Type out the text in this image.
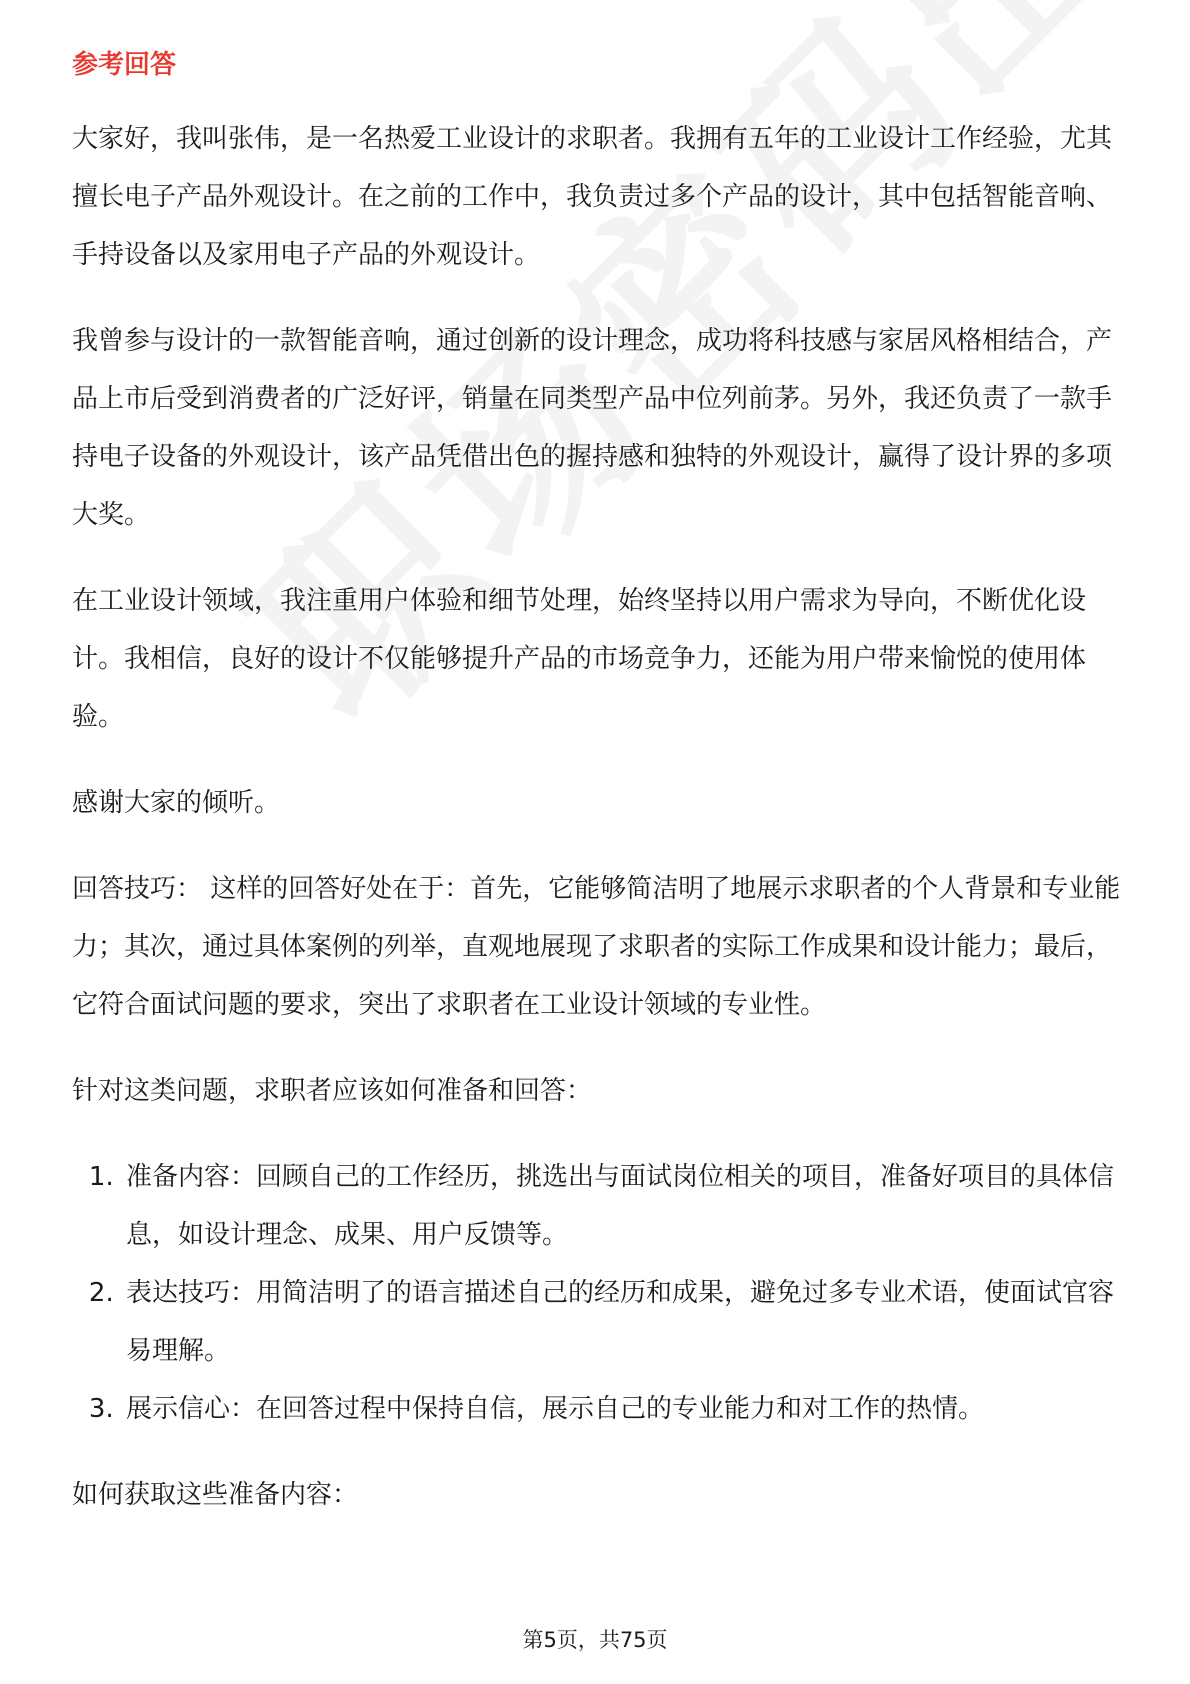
参考回答

大家好，我叫张伟，是一名热爱工业设计的求职者。我拥有五年的工业设计工作经验，尤其擅长电子产品外观设计。在之前的工作中，我负责过多个产品的设计，其中包括智能音响、手持设备以及家用电子产品的外观设计。

我曾参与设计的一款智能音响，通过创新的设计理念，成功将科技感与家居风格相结合，产品上市后受到消费者的广泛好评，销量在同类型产品中位列前茅。另外，我还负责了一款手持电子设备的外观设计，该产品凭借出色的握持感和独特的外观设计，赢得了设计界的多项大奖。

在工业设计领域，我注重用户体验和细节处理，始终坚持以用户需求为导向，不断优化设计。我相信，良好的设计不仅能够提升产品的市场竞争力，还能为用户带来愉悦的使用体验。

感谢大家的倾听。

回答技巧： 这样的回答好处在于：首先，它能够简洁明了地展示求职者的个人背景和专业能力；其次，通过具体案例的列举，直观地展现了求职者的实际工作成果和设计能力；最后，它符合面试问题的要求，突出了求职者在工业设计领域的专业性。

针对这类问题，求职者应该如何准备和回答：

1. 准备内容：回顾自己的工作经历，挑选出与面试岗位相关的项目，准备好项目的具体信息，如设计理念、成果、用户反馈等。
2. 表达技巧：用简洁明了的语言描述自己的经历和成果，避免过多专业术语，使面试官容易理解。
3. 展示信心：在回答过程中保持自信，展示自己的专业能力和对工作的热情。

如何获取这些准备内容：

第5页，共75页
